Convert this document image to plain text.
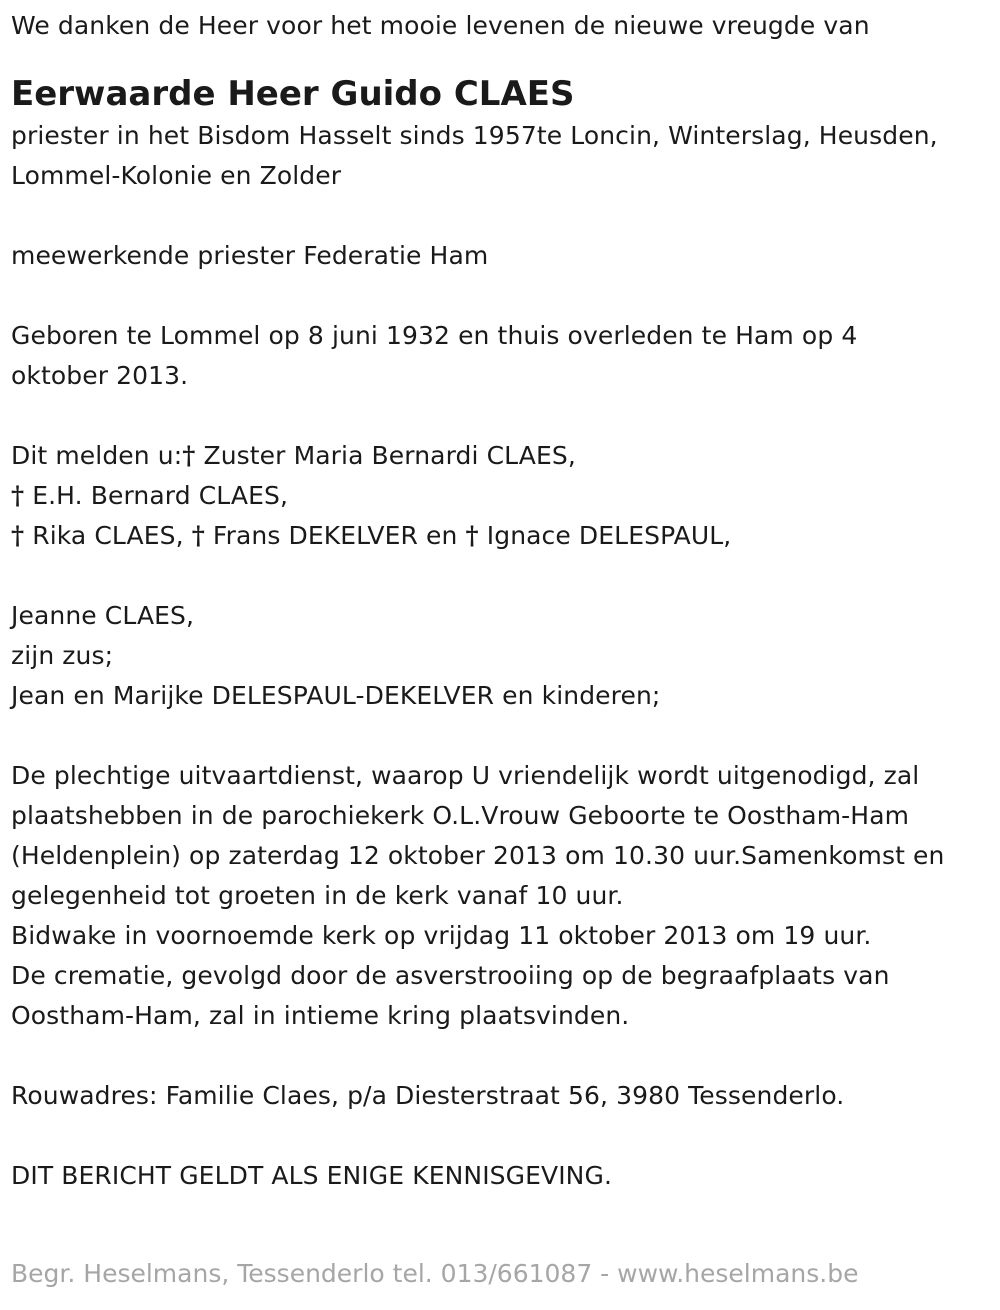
We danken de Heer voor het mooie levenen de nieuwe vreugde van
Eerwaarde Heer Guido CLAES
priester in het Bisdom Hasselt sinds 1957te Loncin, Winterslag, Heusden,
Lommel-Kolonie en Zolder
meewerkende priester Federatie Ham
Geboren te Lommel op 8 juni 1932 en thuis overleden te Ham op 4
oktober 2013.
Dit melden u:† Zuster Maria Bernardi CLAES,
† E.H. Bernard CLAES,
† Rika CLAES, † Frans DEKELVER en † Ignace DELESPAUL,
Jeanne CLAES,
zijn zus;
Jean en Marijke DELESPAUL-DEKELVER en kinderen;
De plechtige uitvaartdienst, waarop U vriendelijk wordt uitgenodigd, zal
plaatshebben in de parochiekerk O.L.Vrouw Geboorte te Oostham-Ham
(Heldenplein) op zaterdag 12 oktober 2013 om 10.30 uur.Samenkomst en
gelegenheid tot groeten in de kerk vanaf 10 uur.
Bidwake in voornoemde kerk op vrijdag 11 oktober 2013 om 19 uur.
De crematie, gevolgd door de asverstrooiing op de begraafplaats van
Oostham-Ham, zal in intieme kring plaatsvinden.
Rouwadres: Familie Claes, p/a Diesterstraat 56, 3980 Tessenderlo.
DIT BERICHT GELDT ALS ENIGE KENNISGEVING.
Begr. Heselmans, Tessenderlo tel. 013/661087 - www.heselmans.be
